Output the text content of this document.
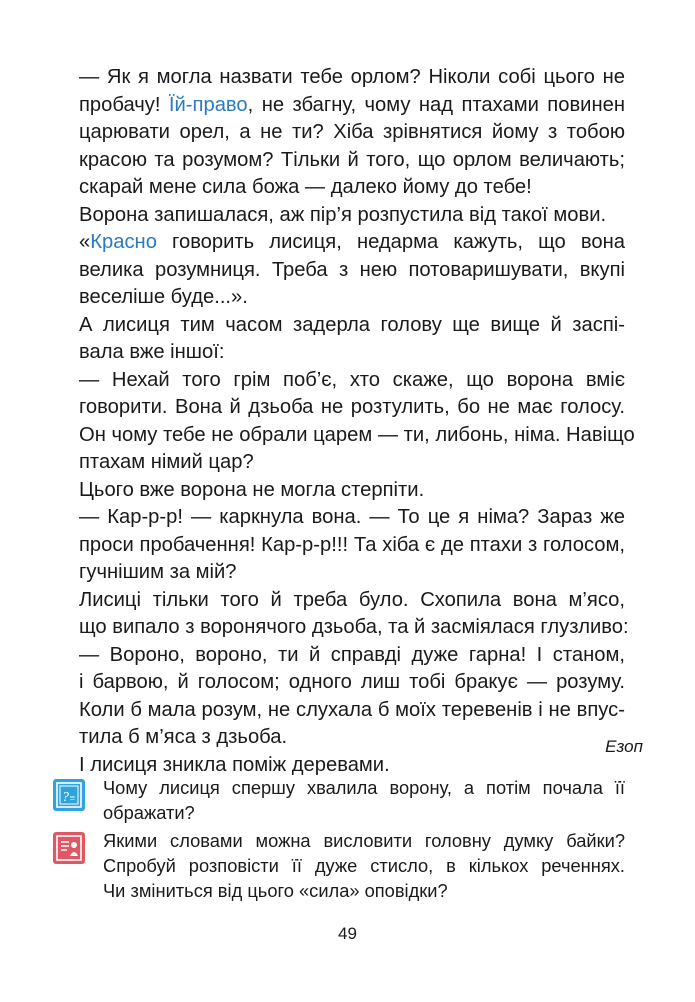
— Як я могла назвати тебе орлом? Ніколи собі цього не
пробачу! Їй-право, не збагну, чому над птахами повинен
царювати орел, а не ти? Хіба зрівнятися йому з тобою
красою та розумом? Тільки й того, що орлом величають;
скарай мене сила божа — далеко йому до тебе!

Ворона запишалася, аж пір’я розпустила від такої мови.

«Красно говорить лисиця, недарма кажуть, що вона
велика розумниця. Треба з нею потоваришувати, вкупі
веселіше буде...».

А лисиця тим часом задерла голову ще вище й заспі-
вала вже іншої:

— Нехай того грім поб’є, хто скаже, що ворона вміє
говорити. Вона й дзьоба не розтулить, бо не має голосу.
Он чому тебе не обрали царем — ти, либонь, німа. Навіщо
птахам німий цар?

Цього вже ворона не могла стерпіти.

— Кар-р-р! — каркнула вона. — То це я німа? Зараз же
проси пробачення! Кар-р-р!!! Та хіба є де птахи з голосом,
гучнішим за мій?

Лисиці тільки того й треба було. Схопила вона м’ясо,
що випало з воронячого дзьоба, та й засміялася глузливо:

— Вороно, вороно, ти й справді дуже гарна! І станом,
і барвою, й голосом; одного лиш тобі бракує — розуму.
Коли б мала розум, не слухала б моїх теревенів і не впус-
тила б м’яса з дзьоба.

І лисиця зникла поміж деревами.

Езоп
? ≡
Чому лисиця спершу хвалила ворону, а потім почала її
ображати?
Якими словами можна висловити головну думку байки?
Спробуй розповісти її дуже стисло, в кількох реченнях.
Чи зміниться від цього «сила» оповідки?
49
